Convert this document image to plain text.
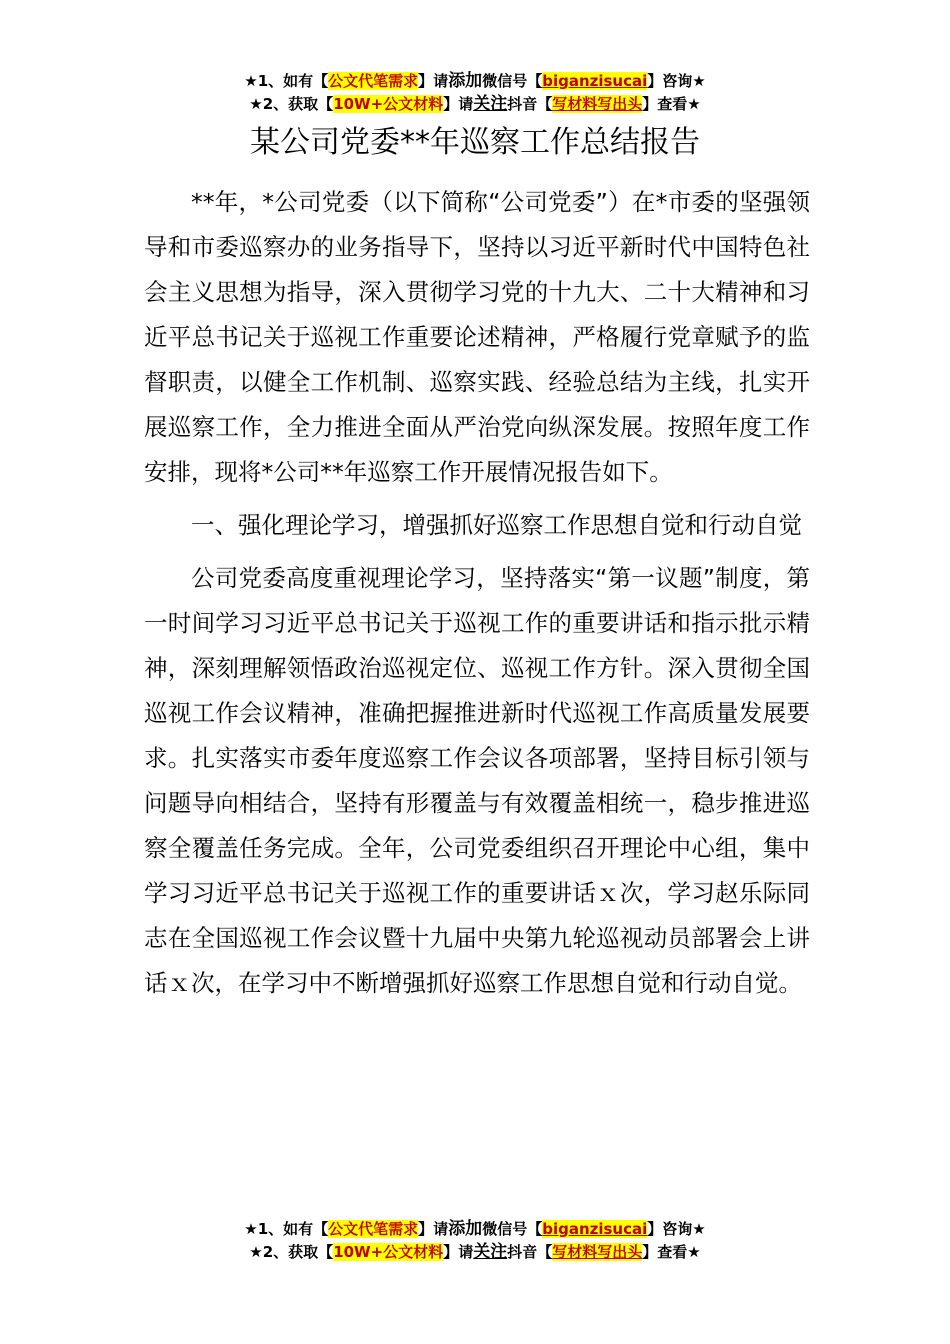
★1、如有【公文代笔需求】请添加微信号【biganzisucai】咨询★
★2、获取【10W+公文材料】请关注抖音【写材料写出头】查看★
某公司党委**年巡察工作总结报告

**年，*公司党委（以下简称“公司党委”）在*市委的坚强领导和市委巡察办的业务指导下，坚持以习近平新时代中国特色社会主义思想为指导，深入贯彻学习党的十九大、二十大精神和习近平总书记关于巡视工作重要论述精神，严格履行党章赋予的监督职责，以健全工作机制、巡察实践、经验总结为主线，扎实开展巡察工作，全力推进全面从严治党向纵深发展。按照年度工作安排，现将*公司**年巡察工作开展情况报告如下。

一、强化理论学习，增强抓好巡察工作思想自觉和行动自觉

公司党委高度重视理论学习，坚持落实“第一议题”制度，第一时间学习习近平总书记关于巡视工作的重要讲话和指示批示精神，深刻理解领悟政治巡视定位、巡视工作方针。深入贯彻全国巡视工作会议精神，准确把握推进新时代巡视工作高质量发展要求。扎实落实市委年度巡察工作会议各项部署，坚持目标引领与问题导向相结合，坚持有形覆盖与有效覆盖相统一，稳步推进巡察全覆盖任务完成。全年，公司党委组织召开理论中心组，集中学习习近平总书记关于巡视工作的重要讲话ｘ次，学习赵乐际同志在全国巡视工作会议暨十九届中央第九轮巡视动员部署会上讲话ｘ次，在学习中不断增强抓好巡察工作思想自觉和行动自觉。

★1、如有【公文代笔需求】请添加微信号【biganzisucai】咨询★
★2、获取【10W+公文材料】请关注抖音【写材料写出头】查看★
